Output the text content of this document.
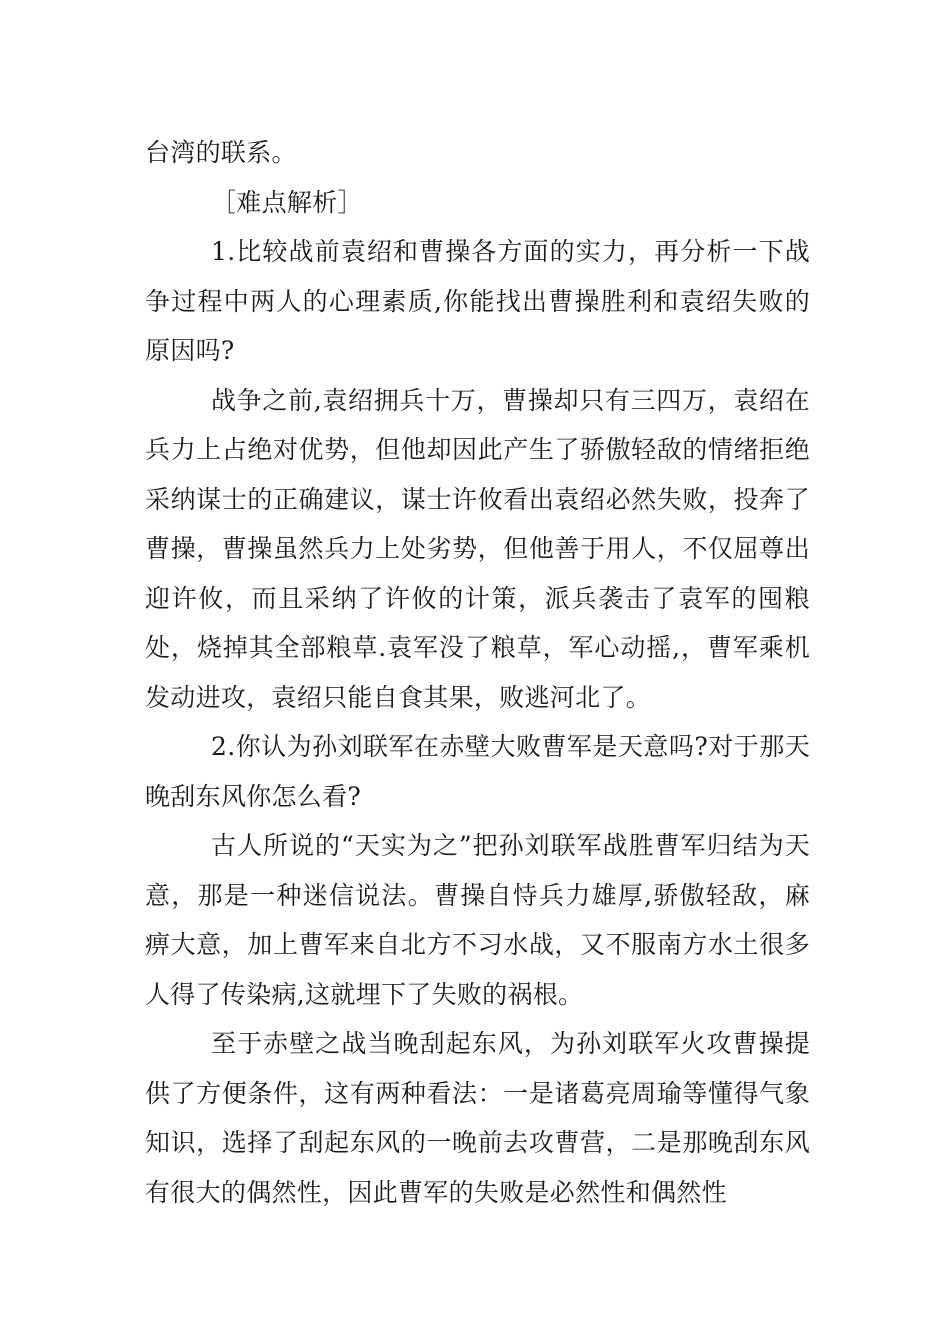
台湾的联系。

［难点解析］

1.比较战前袁绍和曹操各方面的实力，再分析一下战争过程中两人的心理素质,你能找出曹操胜利和袁绍失败的原因吗?

战争之前,袁绍拥兵十万，曹操却只有三四万，袁绍在兵力上占绝对优势，但他却因此产生了骄傲轻敌的情绪拒绝采纳谋士的正确建议，谋士许攸看出袁绍必然失败，投奔了曹操，曹操虽然兵力上处劣势，但他善于用人，不仅屈尊出迎许攸，而且采纳了许攸的计策，派兵袭击了袁军的囤粮处，烧掉其全部粮草.袁军没了粮草，军心动摇,，曹军乘机发动进攻，袁绍只能自食其果，败逃河北了。

2.你认为孙刘联军在赤壁大败曹军是天意吗?对于那天晚刮东风你怎么看?

古人所说的“天实为之”把孙刘联军战胜曹军归结为天意，那是一种迷信说法。曹操自恃兵力雄厚,骄傲轻敌，麻痹大意，加上曹军来自北方不习水战，又不服南方水土很多人得了传染病,这就埋下了失败的祸根。

至于赤壁之战当晚刮起东风，为孙刘联军火攻曹操提供了方便条件，这有两种看法：一是诸葛亮周瑜等懂得气象知识，选择了刮起东风的一晚前去攻曹营，二是那晚刮东风有很大的偶然性，因此曹军的失败是必然性和偶然性
